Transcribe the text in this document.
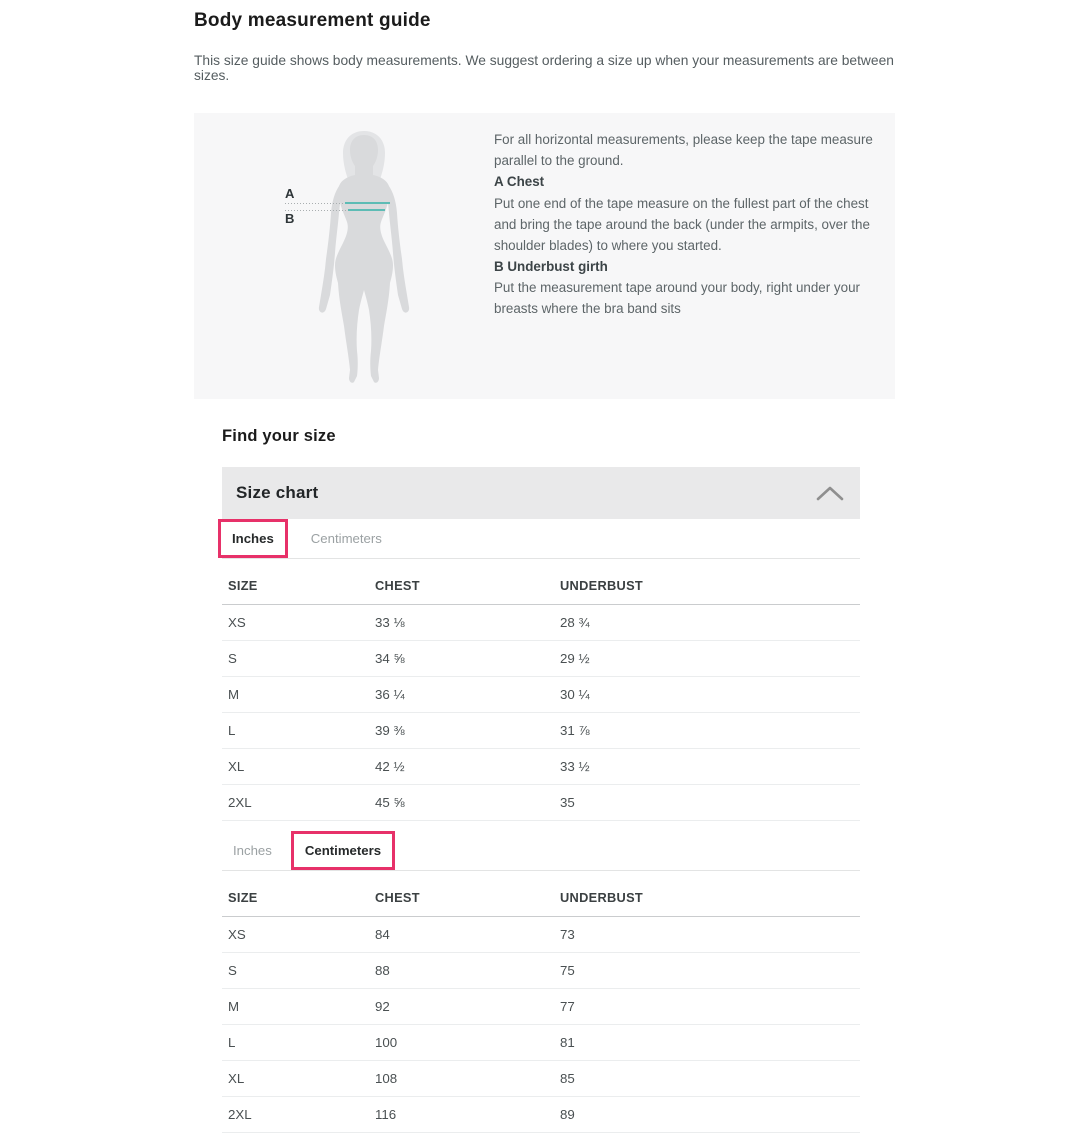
Body measurement guide

This size guide shows body measurements. We suggest ordering a size up when your measurements are between sizes.

A
B

For all horizontal measurements, please keep the tape measure parallel to the ground.

A Chest

Put one end of the tape measure on the fullest part of the chest and bring the tape around the back (under the armpits, over the shoulder blades) to where you started.

B Underbust girth

Put the measurement tape around your body, right under your breasts where the bra band sits

Find your size
Size chart
Inches	Centimeters
SIZE	CHEST	UNDERBUST
XS	33 ⅛	28 ¾
S	34 ⅝	29 ½
M	36 ¼	30 ¼
L	39 ⅜	31 ⅞
XL	42 ½	33 ½
2XL	45 ⅝	35
Inches	Centimeters
SIZE	CHEST	UNDERBUST
XS	84	73
S	88	75
M	92	77
L	100	81
XL	108	85
2XL	116	89
